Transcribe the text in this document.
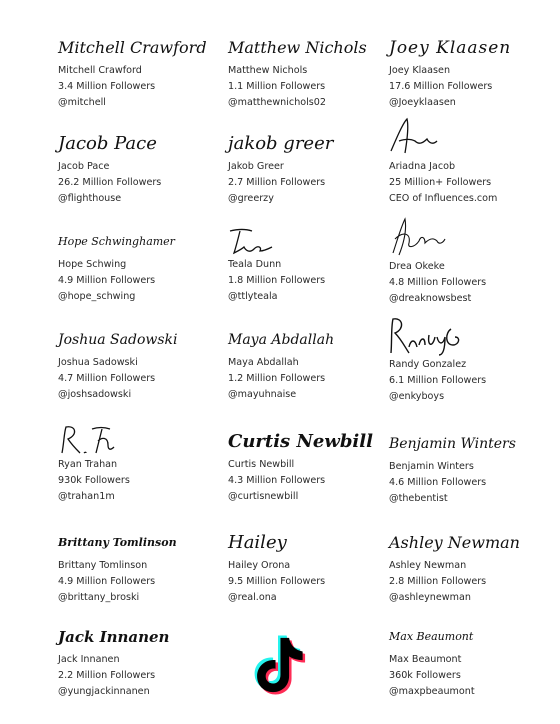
Mitchell Crawford
Mitchell Crawford
3.4 Million Followers
@mitchell
Matthew Nichols
Matthew Nichols
1.1 Million Followers
@matthewnichols02
Joey Klaasen
Joey Klaasen
17.6 Million Followers
@Joeyklaasen
Jacob Pace
Jacob Pace
26.2 Million Followers
@flighthouse
jakob greer
Jakob Greer
2.7 Million Followers
@greerzy
Ariadna Jacob
25 Million+ Followers
CEO of Influences.com
Hope Schwinghamer
Hope Schwing
4.9 Million Followers
@hope_schwing
Teala Dunn
1.8 Million Followers
@ttlyteala
Drea Okeke
4.8 Million Followers
@dreaknowsbest
Joshua Sadowski
Joshua Sadowski
4.7 Million Followers
@joshsadowski
Maya Abdallah
Maya Abdallah
1.2 Million Followers
@mayuhnaise
Randy Gonzalez
6.1 Million Followers
@enkyboys
Ryan Trahan
930k Followers
@trahan1m
Curtis Newbill
Curtis Newbill
4.3 Million Followers
@curtisnewbill
Benjamin Winters
Benjamin Winters
4.6 Million Followers
@thebentist
Brittany Tomlinson
Brittany Tomlinson
4.9 Million Followers
@brittany_broski
Hailey
Hailey Orona
9.5 Million Followers
@real.ona
Ashley Newman
Ashley Newman
2.8 Million Followers
@ashleynewman
Jack Innanen
Jack Innanen
2.2 Million Followers
@yungjackinnanen
Max Beaumont
Max Beaumont
360k Followers
@maxpbeaumont
